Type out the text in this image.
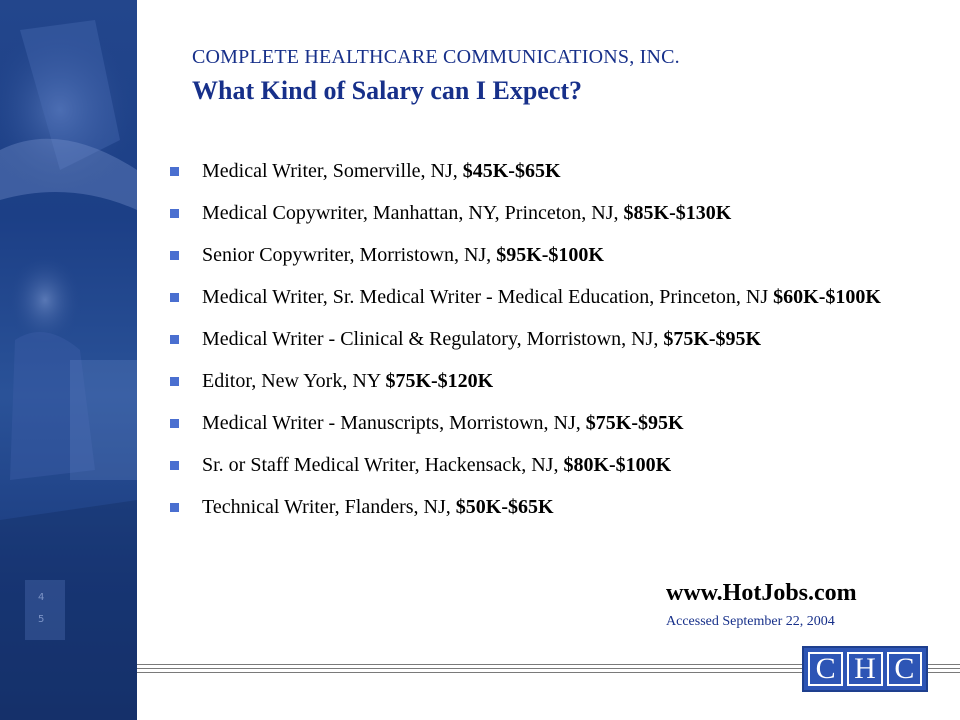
4
5
COMPLETE HEALTHCARE COMMUNICATIONS, INC.
What Kind of Salary can I Expect?
Medical Writer, Somerville, NJ, $45K-$65K
Medical Copywriter, Manhattan, NY, Princeton, NJ, $85K-$130K
Senior Copywriter, Morristown, NJ, $95K-$100K
Medical Writer, Sr. Medical Writer - Medical Education, Princeton, NJ $60K-$100K
Medical Writer - Clinical & Regulatory, Morristown, NJ, $75K-$95K
Editor, New York, NY $75K-$120K
Medical Writer - Manuscripts, Morristown, NJ, $75K-$95K
Sr. or Staff Medical Writer, Hackensack, NJ, $80K-$100K
Technical Writer, Flanders, NJ, $50K-$65K
www.HotJobs.com
Accessed September 22, 2004
C H C
